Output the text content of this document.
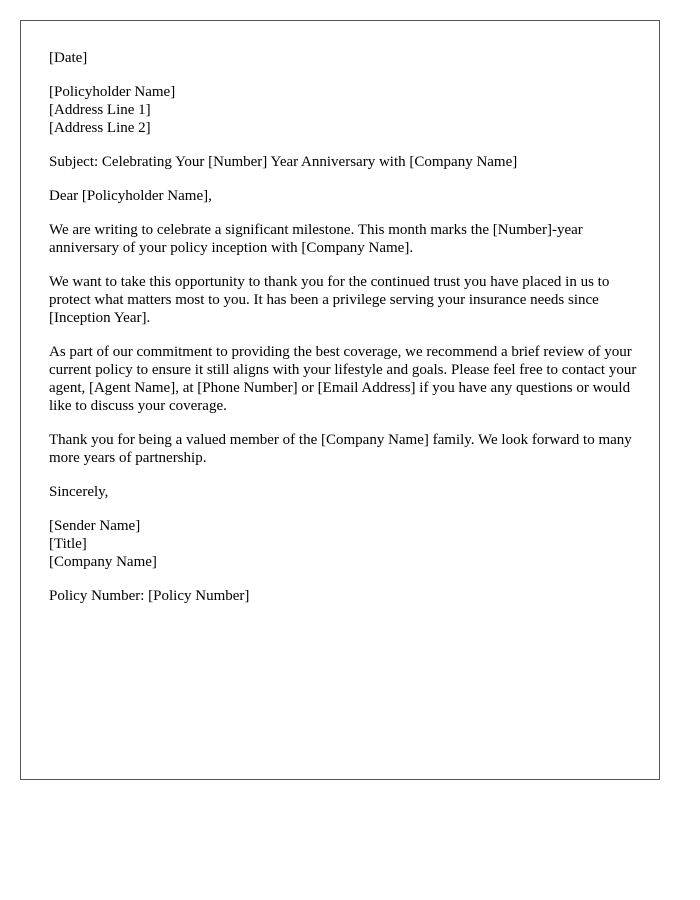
[Date]
[Policyholder Name]
[Address Line 1]
[Address Line 2]

Subject: Celebrating Your [Number] Year Anniversary with [Company Name]

Dear [Policyholder Name],

We are writing to celebrate a significant milestone. This month marks the [Number]-year anniversary of your policy inception with [Company Name].

We want to take this opportunity to thank you for the continued trust you have placed in us to protect what matters most to you. It has been a privilege serving your insurance needs since [Inception Year].

As part of our commitment to providing the best coverage, we recommend a brief review of your current policy to ensure it still aligns with your lifestyle and goals. Please feel free to contact your agent, [Agent Name], at [Phone Number] or [Email Address] if you have any questions or would like to discuss your coverage.

Thank you for being a valued member of the [Company Name] family. We look forward to many more years of partnership.

Sincerely,

[Sender Name]
[Title]
[Company Name]

Policy Number: [Policy Number]
